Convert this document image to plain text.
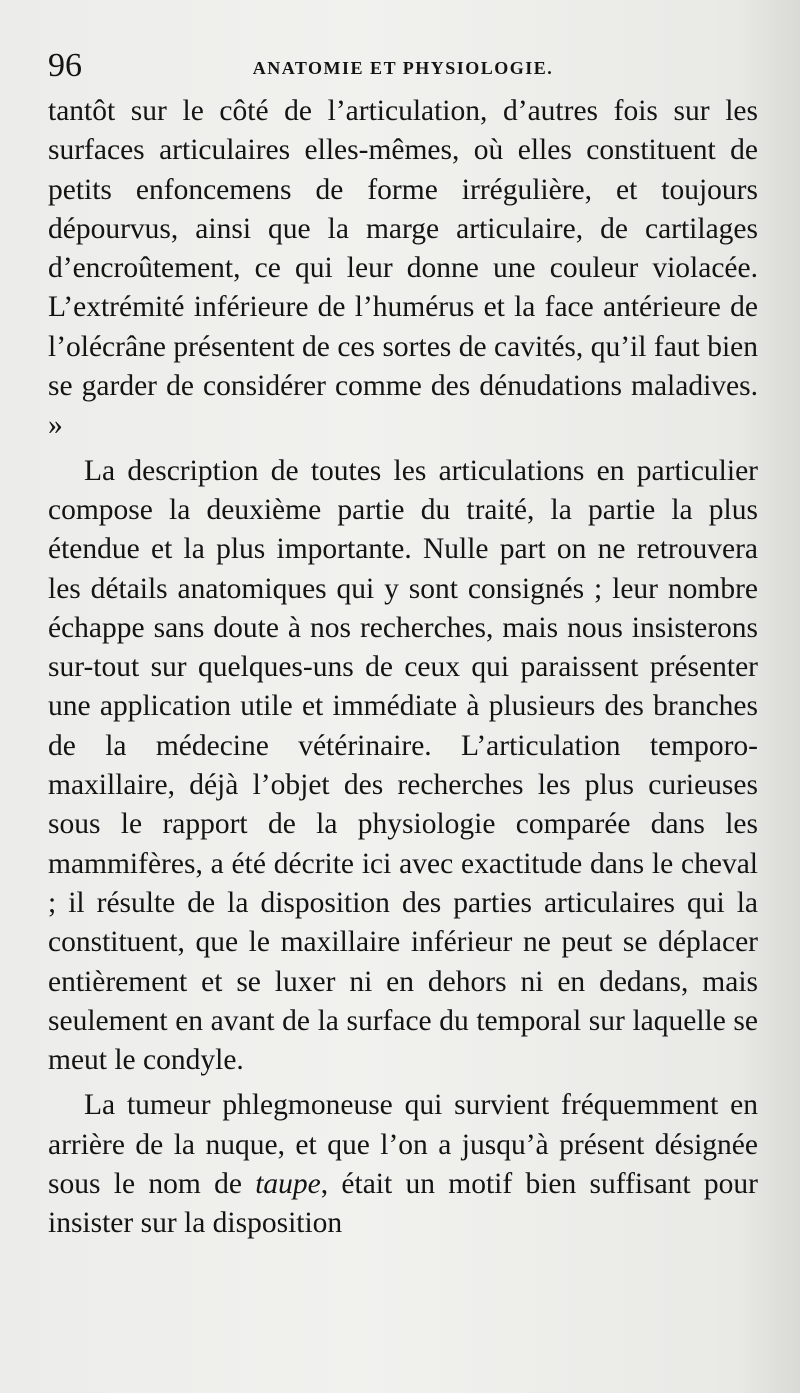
96	ANATOMIE ET PHYSIOLOGIE.

tantôt sur le côté de l’articulation, d’autres fois sur les surfaces articulaires elles-mêmes, où elles constituent de petits enfoncemens de forme irrégulière, et toujours dépourvus, ainsi que la marge articulaire, de cartilages d’encroûtement, ce qui leur donne une couleur violacée. L’extrémité inférieure de l’humérus et la face antérieure de l’olécrâne présentent de ces sortes de cavités, qu’il faut bien se garder de considérer comme des dénudations maladives. »

La description de toutes les articulations en particulier compose la deuxième partie du traité, la partie la plus étendue et la plus importante. Nulle part on ne retrouvera les détails anatomiques qui y sont consignés ; leur nombre échappe sans doute à nos recherches, mais nous insisterons sur-tout sur quelques-uns de ceux qui paraissent présenter une application utile et immédiate à plusieurs des branches de la médecine vétérinaire. L’articulation temporo-maxillaire, déjà l’objet des recherches les plus curieuses sous le rapport de la physiologie comparée dans les mammifères, a été décrite ici avec exactitude dans le cheval ; il résulte de la disposition des parties articulaires qui la constituent, que le maxillaire inférieur ne peut se déplacer entièrement et se luxer ni en dehors ni en dedans, mais seulement en avant de la surface du temporal sur laquelle se meut le condyle.

La tumeur phlegmoneuse qui survient fréquemment en arrière de la nuque, et que l’on a jusqu’à présent désignée sous le nom de taupe, était un motif bien suffisant pour insister sur la disposition
